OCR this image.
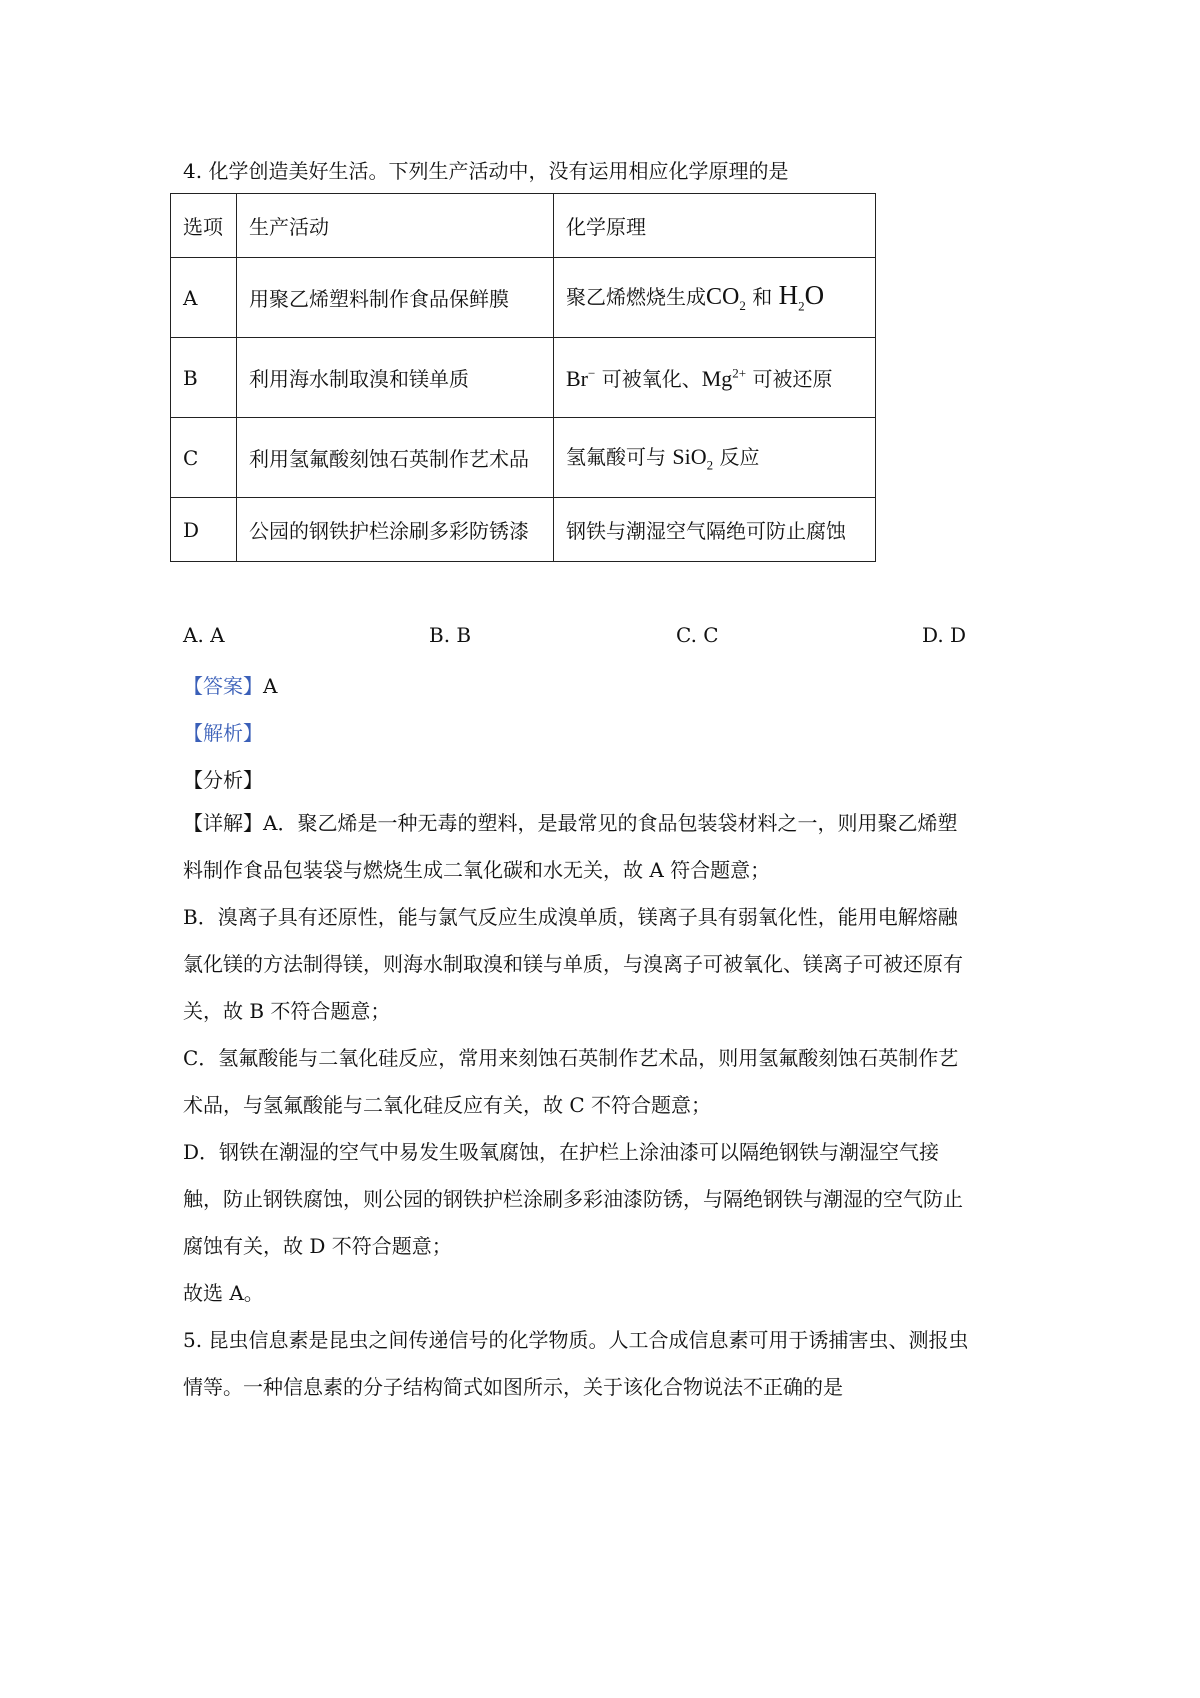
4. 化学创造美好生活。下列生产活动中，没有运用相应化学原理的是
选项	生产活动	化学原理
A	用聚乙烯塑料制作食品保鲜膜	聚乙烯燃烧生成$CO_2$ 和 $H_2O$
B	利用海水制取溴和镁单质	Br− 可被氧化、$Mg^{2+}$ 可被还原
C	利用氢氟酸刻蚀石英制作艺术品	氢氟酸可与 SiO$_2$ 反应
D	公园的钢铁护栏涂刷多彩防锈漆	钢铁与潮湿空气隔绝可防止腐蚀
A. A	B. B	C. C	D. D
【答案】A
【解析】
【分析】
【详解】A．聚乙烯是一种无毒的塑料，是最常见的食品包装袋材料之一，则用聚乙烯塑
料制作食品包装袋与燃烧生成二氧化碳和水无关，故 A 符合题意；
B．溴离子具有还原性，能与氯气反应生成溴单质，镁离子具有弱氧化性，能用电解熔融
氯化镁的方法制得镁，则海水制取溴和镁与单质，与溴离子可被氧化、镁离子可被还原有
关，故 B 不符合题意；
C．氢氟酸能与二氧化硅反应，常用来刻蚀石英制作艺术品，则用氢氟酸刻蚀石英制作艺
术品，与氢氟酸能与二氧化硅反应有关，故 C 不符合题意；
D．钢铁在潮湿的空气中易发生吸氧腐蚀，在护栏上涂油漆可以隔绝钢铁与潮湿空气接
触，防止钢铁腐蚀，则公园的钢铁护栏涂刷多彩油漆防锈，与隔绝钢铁与潮湿的空气防止
腐蚀有关，故 D 不符合题意；
故选 A。
5. 昆虫信息素是昆虫之间传递信号的化学物质。人工合成信息素可用于诱捕害虫、测报虫
情等。一种信息素的分子结构简式如图所示，关于该化合物说法不正确的是
